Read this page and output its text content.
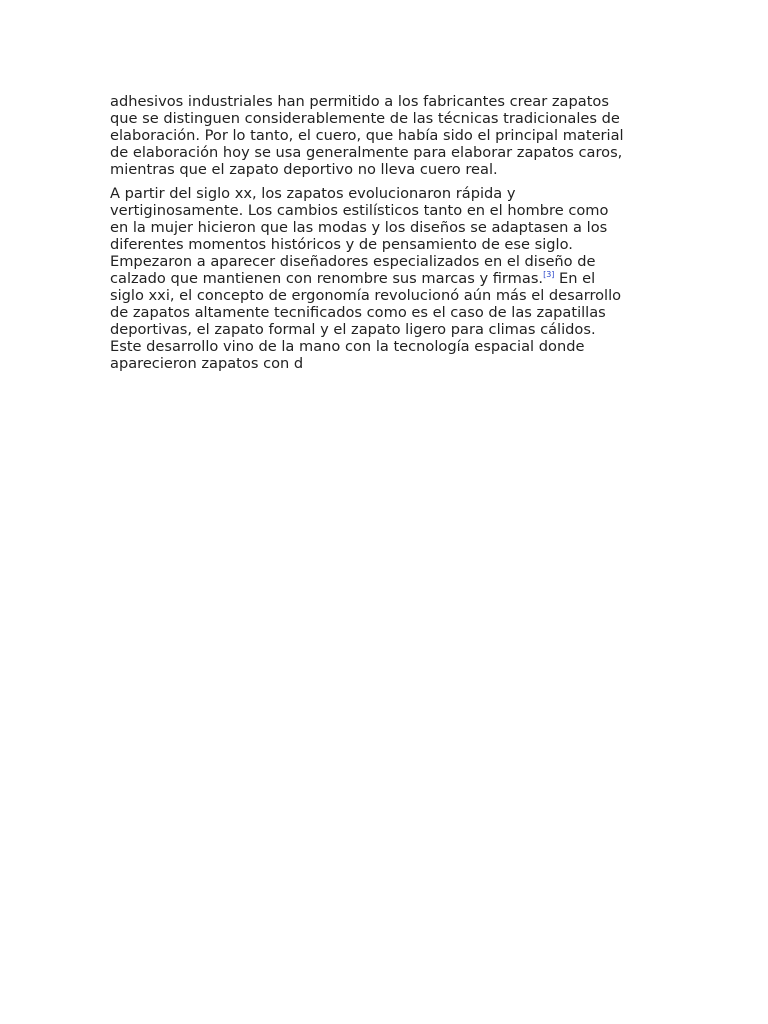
adhesivos industriales han permitido a los fabricantes crear zapatos
que se distinguen considerablemente de las técnicas tradicionales de
elaboración. Por lo tanto, el cuero, que había sido el principal material
de elaboración hoy se usa generalmente para elaborar zapatos caros,
mientras que el zapato deportivo no lleva cuero real.

A partir del siglo xx, los zapatos evolucionaron rápida y
vertiginosamente. Los cambios estilísticos tanto en el hombre como
en la mujer hicieron que las modas y los diseños se adaptasen a los
diferentes momentos históricos y de pensamiento de ese siglo.
Empezaron a aparecer diseñadores especializados en el diseño de
calzado que mantienen con renombre sus marcas y firmas.[3] En el
siglo xxi, el concepto de ergonomía revolucionó aún más el desarrollo
de zapatos altamente tecnificados como es el caso de las zapatillas
deportivas, el zapato formal y el zapato ligero para climas cálidos.
Este desarrollo vino de la mano con la tecnología espacial donde
aparecieron zapatos con d
